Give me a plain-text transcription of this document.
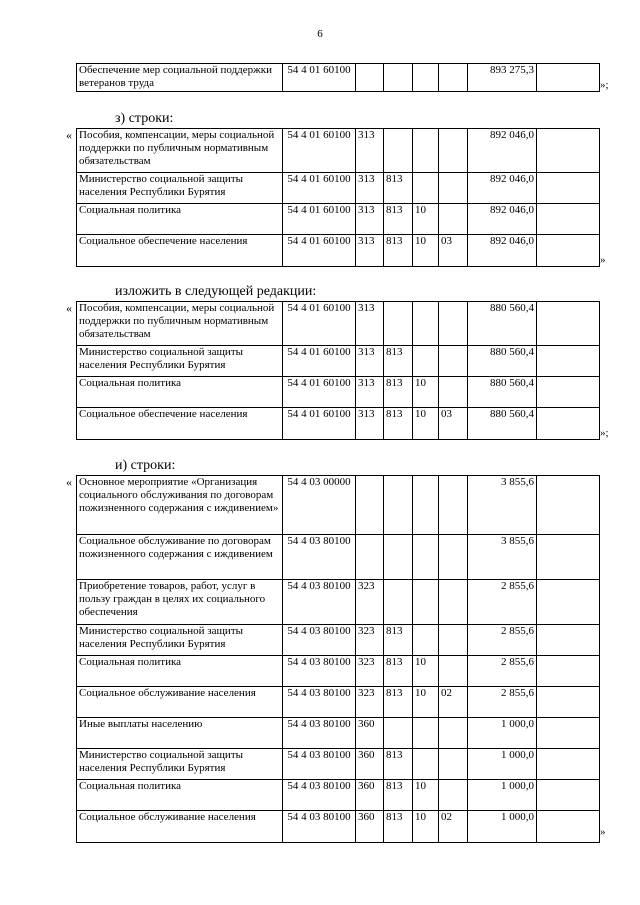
6
Обеспечение мер социальной поддержки ветеранов труда	54 4 01 60100					893 275,3	
»;
з) строки:
« Пособия, компенсации, меры социальной поддержки по публичным нормативным обязательствам	54 4 01 60100	313				892 046,0	
Министерство социальной защиты населения Республики Бурятия	54 4 01 60100	313	813			892 046,0	
Социальная политика	54 4 01 60100	313	813	10		892 046,0	
Социальное обеспечение населения	54 4 01 60100	313	813	10	03	892 046,0	
»
изложить в следующей редакции:
« Пособия, компенсации, меры социальной поддержки по публичным нормативным обязательствам	54 4 01 60100	313				880 560,4	
Министерство социальной защиты населения Республики Бурятия	54 4 01 60100	313	813			880 560,4	
Социальная политика	54 4 01 60100	313	813	10		880 560,4	
Социальное обеспечение населения	54 4 01 60100	313	813	10	03	880 560,4	
»;
и) строки:
« Основное мероприятие «Организация социального обслуживания по договорам пожизненного содержания с иждивением»	54 4 03 00000					3 855,6	
Социальное обслуживание по договорам пожизненного содержания с иждивением	54 4 03 80100					3 855,6	
Приобретение товаров, работ, услуг в пользу граждан в целях их социального обеспечения	54 4 03 80100	323				2 855,6	
Министерство социальной защиты населения Республики Бурятия	54 4 03 80100	323	813			2 855,6	
Социальная политика	54 4 03 80100	323	813	10		2 855,6	
Социальное обслуживание населения	54 4 03 80100	323	813	10	02	2 855,6	
Иные выплаты населению	54 4 03 80100	360				1 000,0	
Министерство социальной защиты населения Республики Бурятия	54 4 03 80100	360	813			1 000,0	
Социальная политика	54 4 03 80100	360	813	10		1 000,0	
Социальное обслуживание населения	54 4 03 80100	360	813	10	02	1 000,0	
»
